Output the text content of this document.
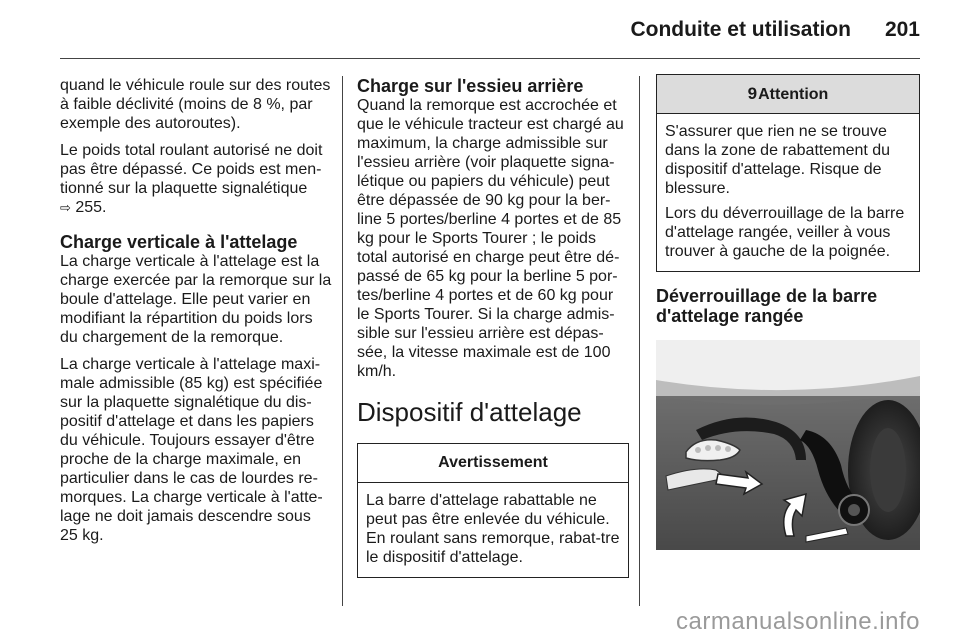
Conduite et utilisation 201

quand le véhicule roule sur des routes à faible déclivité (moins de 8 %, par exemple des autoroutes).

Le poids total roulant autorisé ne doit pas être dépassé. Ce poids est men-tionné sur la plaquette signalétique
⇨ 255.

Charge verticale à l'attelage

La charge verticale à l'attelage est la charge exercée par la remorque sur la boule d'attelage. Elle peut varier en modifiant la répartition du poids lors du chargement de la remorque.

La charge verticale à l'attelage maxi-male admissible (85 kg) est spécifiée sur la plaquette signalétique du dis-positif d'attelage et dans les papiers du véhicule. Toujours essayer d'être proche de la charge maximale, en particulier dans le cas de lourdes re-morques. La charge verticale à l'atte-lage ne doit jamais descendre sous 25 kg.

Charge sur l'essieu arrière

Quand la remorque est accrochée et que le véhicule tracteur est chargé au maximum, la charge admissible sur l'essieu arrière (voir plaquette signa-létique ou papiers du véhicule) peut être dépassée de 90 kg pour la ber-line 5 portes/berline 4 portes et de 85 kg pour le Sports Tourer ; le poids total autorisé en charge peut être dé-passé de 65 kg pour la berline 5 por-tes/berline 4 portes et de 60 kg pour le Sports Tourer. Si la charge admis-sible sur l'essieu arrière est dépas-sée, la vitesse maximale est de 100 km/h.

Dispositif d'attelage
Avertissement

La barre d'attelage rabattable ne peut pas être enlevée du véhicule. En roulant sans remorque, rabat-tre le dispositif d'attelage.

9Attention

S'assurer que rien ne se trouve dans la zone de rabattement du dispositif d'attelage. Risque de blessure.

Lors du déverrouillage de la barre d'attelage rangée, veiller à vous trouver à gauche de la poignée.

Déverrouillage de la barre d'attelage rangée
carmanualsonline.info
